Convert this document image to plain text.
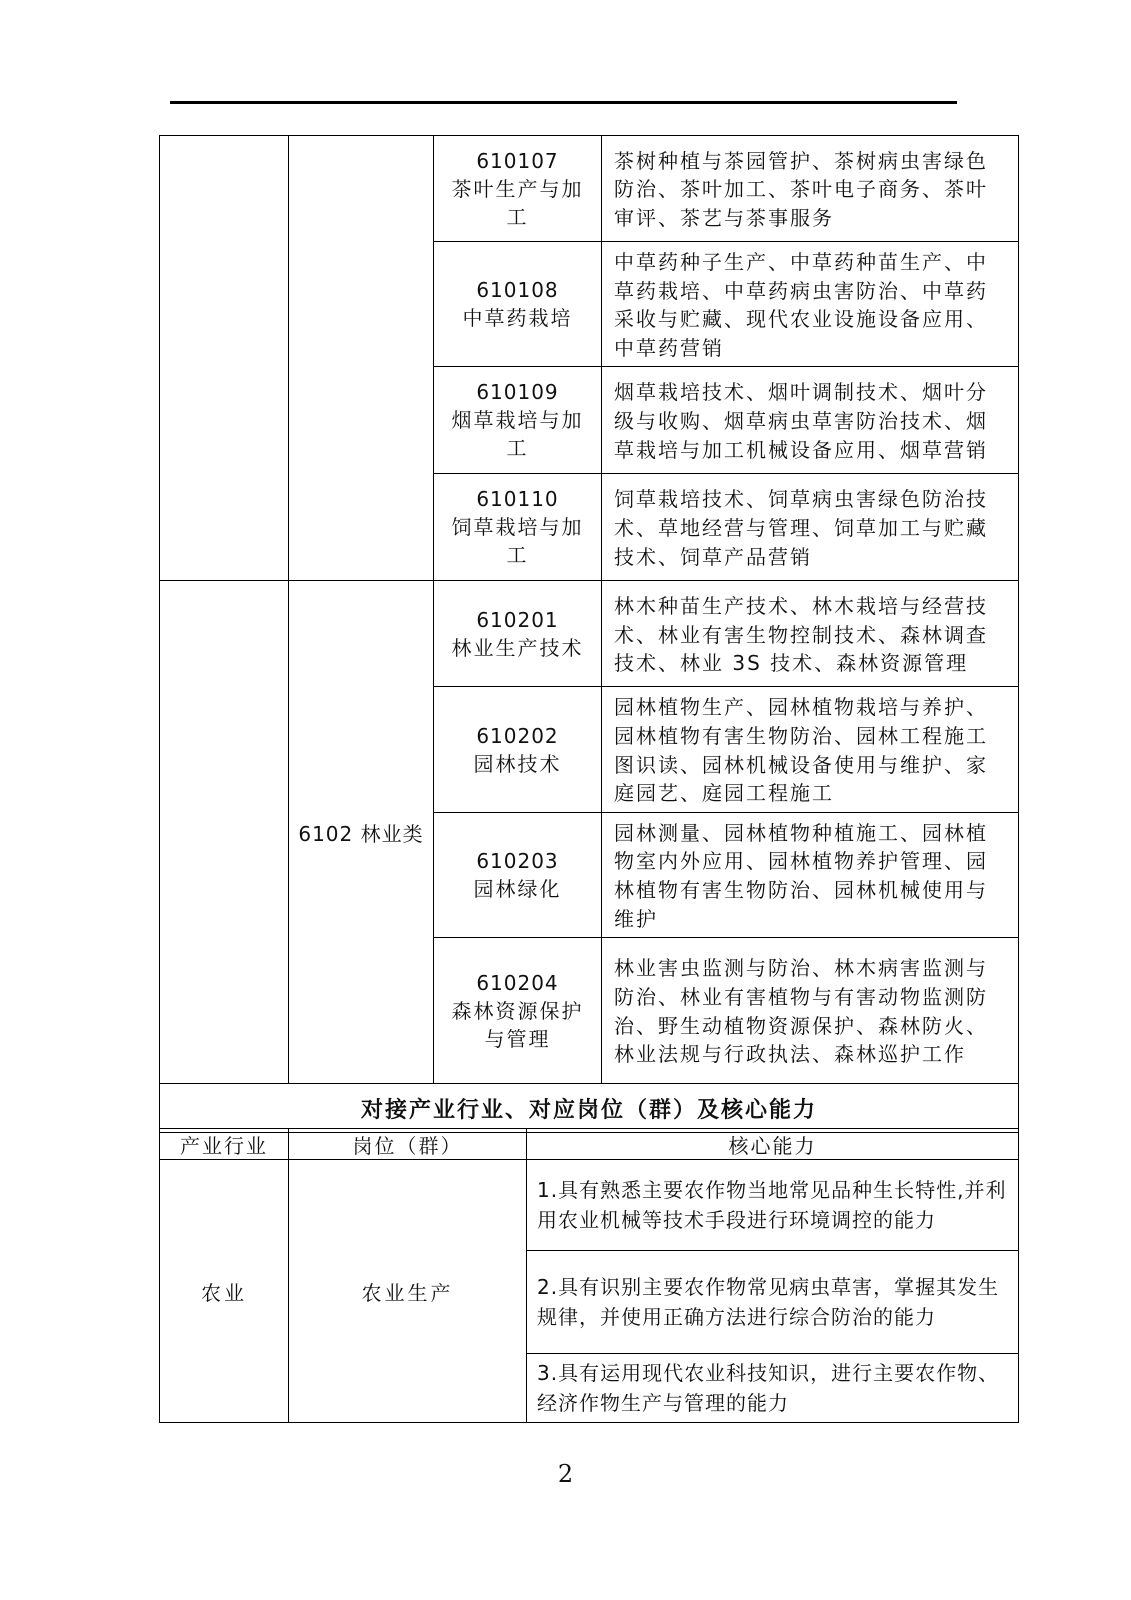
		610107
茶叶生产与加工	茶树种植与茶园管护、茶树病虫害绿色防治、茶叶加工、茶叶电子商务、茶叶审评、茶艺与茶事服务

		610108
中草药栽培	中草药种子生产、中草药种苗生产、中草药栽培、中草药病虫害防治、中草药采收与贮藏、现代农业设施设备应用、中草药营销

		610109
烟草栽培与加工	烟草栽培技术、烟叶调制技术、烟叶分级与收购、烟草病虫草害防治技术、烟草栽培与加工机械设备应用、烟草营销

		610110
饲草栽培与加工	饲草栽培技术、饲草病虫害绿色防治技术、草地经营与管理、饲草加工与贮藏技术、饲草产品营销
	6102 林业类	610201
林业生产技术	林木种苗生产技术、林木栽培与经营技术、林业有害生物控制技术、森林调查技术、林业 3S 技术、森林资源管理

		610202
园林技术	园林植物生产、园林植物栽培与养护、园林植物有害生物防治、园林工程施工图识读、园林机械设备使用与维护、家庭园艺、庭园工程施工

		610203
园林绿化	园林测量、园林植物种植施工、园林植物室内外应用、园林植物养护管理、园林植物有害生物防治、园林机械使用与维护

		610204
森林资源保护与管理	林业害虫监测与防治、林木病害监测与防治、林业有害植物与有害动物监测防治、野生动植物资源保护、森林防火、林业法规与行政执法、森林巡护工作
对接产业行业、对应岗位（群）及核心能力			
产业行业	岗位（群）	核心能力
农业	农业生产	1.具有熟悉主要农作物当地常见品种生长特性,并利用农业机械等技术手段进行环境调控的能力
		2.具有识别主要农作物常见病虫草害，掌握其发生规律，并使用正确方法进行综合防治的能力
		3.具有运用现代农业科技知识，进行主要农作物、经济作物生产与管理的能力
2
